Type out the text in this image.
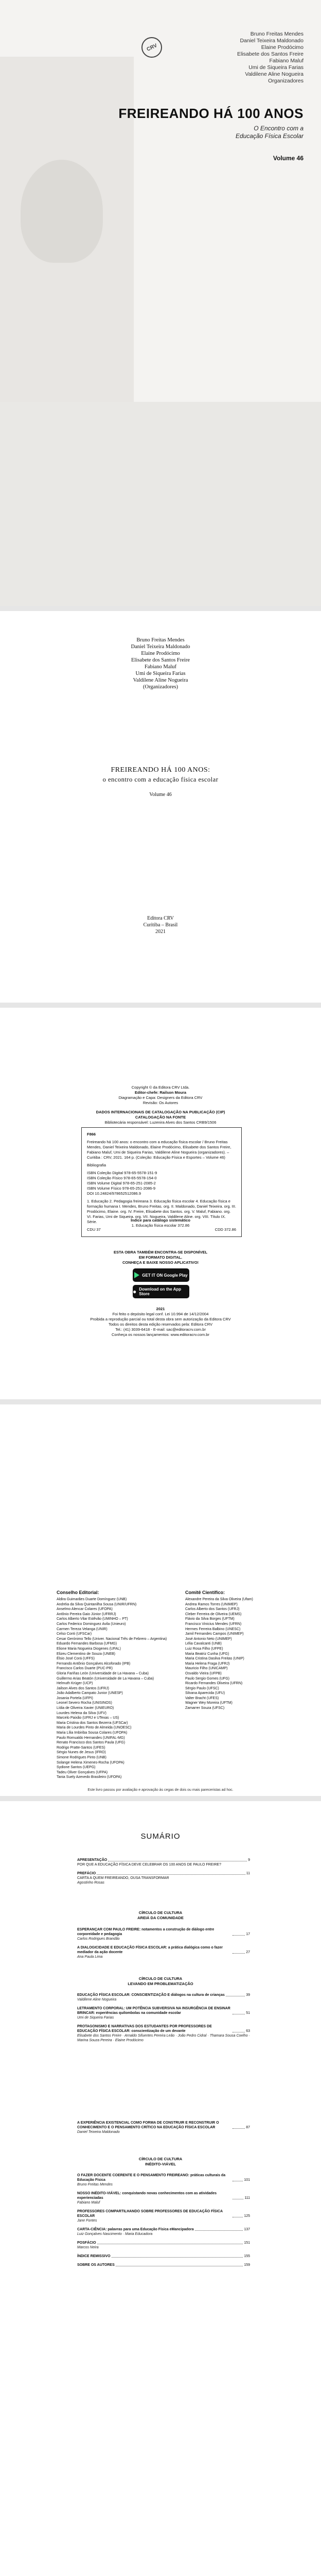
CRV
Bruno Freitas Mendes
Daniel Teixeira Maldonado
Elaine Prodócimo
Elisabete dos Santos Freire
Fabiano Maluf
Umi de Siqueira Farias
Valdilene Aline Nogueira
Organizadores
FREIREANDO HÁ 100 ANOS
O Encontro com a
Educação Física Escolar
Volume 46
Bruno Freitas Mendes
Daniel Teixeira Maldonado
Elaine Prodócimo
Elisabete dos Santos Freire
Fabiano Maluf
Umi de Siqueira Farias
Valdilene Aline Nogueira
(Organizadores)
FREIREANDO HÁ 100 ANOS:
o encontro com a educação física escolar
Volume 46
Editora CRV
Curitiba – Brasil
2021
Copyright © da Editora CRV Ltda.
Editor-chefe: Railson Moura
Diagramação e Capa: Designers da Editora CRV
Revisão: Os Autores
DADOS INTERNACIONAIS DE CATALOGAÇÃO NA PUBLICAÇÃO (CIP)
CATALOGAÇÃO NA FONTE
Bibliotecária responsável: Luzenira Alves dos Santos CRB9/1506

F866

Freireando há 100 anos: o encontro com a educação física escolar / Bruno Freitas Mendes, Daniel Teixeira Maldonado, Elaine Prodócimo, Elisabete dos Santos Freire, Fabiano Maluf, Umi de Siqueira Farias, Valdilene Aline Nogueira (organizadores). – Curitiba : CRV, 2021. 164 p. (Coleção: Educação Física e Esportes – Volume 46)

Bibliografia

ISBN Coleção Digital 978-65-5578-151-9
ISBN Coleção Físico 978-65-5578-154-0
ISBN Volume Digital 978-65-251-2085-2
ISBN Volume Físico 978-65-251-2086-9

DOI 10.24824/978652512086.9

1. Educação 2. Pedagogia freireana 3. Educação física escolar 4. Educação física e formação humana I. Mendes, Bruno Freitas. org. II. Maldonado, Daniel Teixeira. org. III. Prodócimo, Elaine. org. IV. Freire, Elisabete dos Santos. org. V. Maluf, Fabiano. org. VI. Farias, Umi de Siqueira. org. VII. Nogueira, Valdilene Aline. org. VIII. Título IX. Série.

CDU 37	CDD 372.86
Índice para catálogo sistemático
1. Educação física escolar 372.86
ESTA OBRA TAMBÉM ENCONTRA-SE DISPONÍVEL
EM FORMATO DIGITAL.
CONHEÇA E BAIXE NOSSO APLICATIVO!
GET IT ON Google Play
● Download on the App Store
2021
Foi feito o depósito legal conf. Lei 10.994 de 14/12/2004
Proibida a reprodução parcial ou total desta obra sem autorização da Editora CRV
Todos os direitos desta edição reservados pela: Editora CRV
Tel.: (41) 3039-6418 - E-mail: sac@editoracrv.com.br
Conheça os nossos lançamentos: www.editoracrv.com.br
Conselho Editorial:
Aldira Guimarães Duarte Domínguez (UNB)
Andréia da Silva Quintanilha Sousa (UNIR/UFRN)
Anselmo Alencar Colares (UFOPA)
Antônio Pereira Gaio Júnior (UFRRJ)
Carlos Alberto Vilar Estêvão (UMINHO – PT)
Carlos Federico Dominguez Avila (Unieuro)
Carmen Tereza Velanga (UNIR)
Celso Conti (UFSCar)
Cesar Gerónimo Tello (Univer. Nacional Três de Febrero – Argentina)
Eduardo Fernandes Barbosa (UFMG)
Elione Maria Nogueira Diogenes (UFAL)
Elizeu Clementino de Souza (UNEB)
Élsio José Corá (UFFS)
Fernando Antônio Gonçalves Alcoforado (IPB)
Francisco Carlos Duarte (PUC-PR)
Gloria Fariñas León (Universidade de La Havana – Cuba)
Guillermo Arias Beatón (Universidade de La Havana – Cuba)
Helmuth Krüger (UCP)
Jailson Alves dos Santos (UFRJ)
João Adalberto Campato Junior (UNESP)
Josania Portela (UFPI)
Leonel Severo Rocha (UNISINOS)
Lídia de Oliveira Xavier (UNIEURO)
Lourdes Helena da Silva (UFV)
Marcelo Paixão (UFRJ e UTexas – US)
Maria Cristina dos Santos Bezerra (UFSCar)
Maria de Lourdes Pinto de Almeida (UNOESC)
Maria Lília Imbiriba Sousa Colares (UFOPA)
Paulo Romualdo Hernandes (UNIFAL-MG)
Renato Francisco dos Santos Paula (UFG)
Rodrigo Pratte-Santos (UFES)
Sérgio Nunes de Jesus (IFRO)
Simone Rodrigues Pinto (UNB)
Solange Helena Ximenes-Rocha (UFOPA)
Sydione Santos (UEPG)
Tadeu Oliver Gonçalves (UFPA)
Tania Suely Azevedo Brasileiro (UFOPA)
Comitê Científico:
Alexandre Pereira da Silva Oliveira (Ufam)
Andrea Ramos Torres (UNIMEP)
Carlos Alberto dos Santos (UFRJ)
Cleber Ferreira de Oliveira (UEMS)
Flávio da Silva Borges (UFTM)
Francisco Vinicius Mendes (UFRN)
Hermes Ferreira Balbino (UNESC)
Jamil Fernandes Campos (UNIMEP)
José Antonio Neto (UNIMEP)
Lélia Cavalcanti (UNB)
Luiz Rosa Filho (UFPE)
Maria Beatriz Cunha (UFG)
Maria Cristina Dasilva Freitas (UNIP)
Maria Helena Fraga (UFRJ)
Mauricio Filho (UNICAMP)
Osvaldo Vieira (UFPB)
Paulo Sergio Gomes (UFG)
Ricardo Fernandes Oliveira (UFRN)
Sérgio Paulo (UFSC)
Silvana Aparecida (UFU)
Valter Bracht (UFES)
Wagner Wey Moreira (UFTM)
Zamarrer Souza (UFSC)
Este livro passou por avaliação e aprovação às cegas de dois ou mais pareceristas ad hoc.
SUMÁRIO
APRESENTAÇÃO	9
POR QUE A EDUCAÇÃO FÍSICA DEVE CELEBRAR OS 100 ANOS DE PAULO FREIRE?
PREFÁCIO	11
CARTA A QUEM FREIREANDO, OUSA TRANSFORMAR
Agostinho Rosas
CÍRCULO DE CULTURA
AREIÁ DA COMUNIDADE
ESPERANÇAR COM PAULO FREIRE: notamentos a construção de diálogo entre corporeidade e pedagogia	17
Carlos Rodrigues Brandão
A DIALOGICIDADE E EDUCAÇÃO FÍSICA ESCOLAR: a prática dialógica como o fazer mediador da ação docente	27
Ana Paula Lima
CÍRCULO DE CULTURA
LEVANDO EM PROBLEMATIZAÇÃO
EDUCAÇÃO FÍSICA ESCOLAR: CONSCIENTIZAÇÃO E diálogos na cultura de crianças	39
Valdilene Aline Nogueira
LETRAMENTO CORPORAL: UM POTÊNCIA SUBVERSIVA NA INSURGÊNCIA DE ENSINAR BRINCAR: experiências quilombolas na comunidade escolar	51
Umi de Siqueira Farias
PROTAGONISMO E NARRATIVAS DOS ESTUDANTES POR PROFESSORES DE EDUCAÇÃO FÍSICA ESCOLAR: conscientização de um devante	63
Elisabete dos Santos Freire · Arnaldo Sifuentes Pereira Leão · João Pedro Cidral · Thamara Sousa Coelho · Marina Souza Pereira · Elaine Prodócimo
A EXPERIÊNCIA EXISTENCIAL COMO FORMA DE CONSTRUIR E RECONSTRUIR O CONHECIMENTO E O PENSAMENTO CRÍTICO NA EDUCAÇÃO FÍSICA ESCOLAR	87
Daniel Teixeira Maldonado
CÍRCULO DE CULTURA
INÉDITO-VIÁVEL
O FAZER DOCENTE COERENTE E O PENSAMENTO FREIREANO: práticas culturais da Educação Física	101
Bruno Freitas Mendes
NOSSO INÉDITO-VIÁVEL: conquistando novas conhecimentos com as atividades experienciadas	111
Fabiano Maluf
PROFESSORES COMPARTILHANDO SOBRE PROFESSORES DE EDUCAÇÃO FÍSICA ESCOLAR	125
Jane Fontes
CARTA-CIÊNCIA: palavras para uma Educação Física eMancipadora	137
Luiz Gonçalves Nascimento · Maria Educadora
POSFÁCIO	151
Marcos Neira
ÍNDICE REMISSIVO	155
SOBRE OS AUTORES	159
